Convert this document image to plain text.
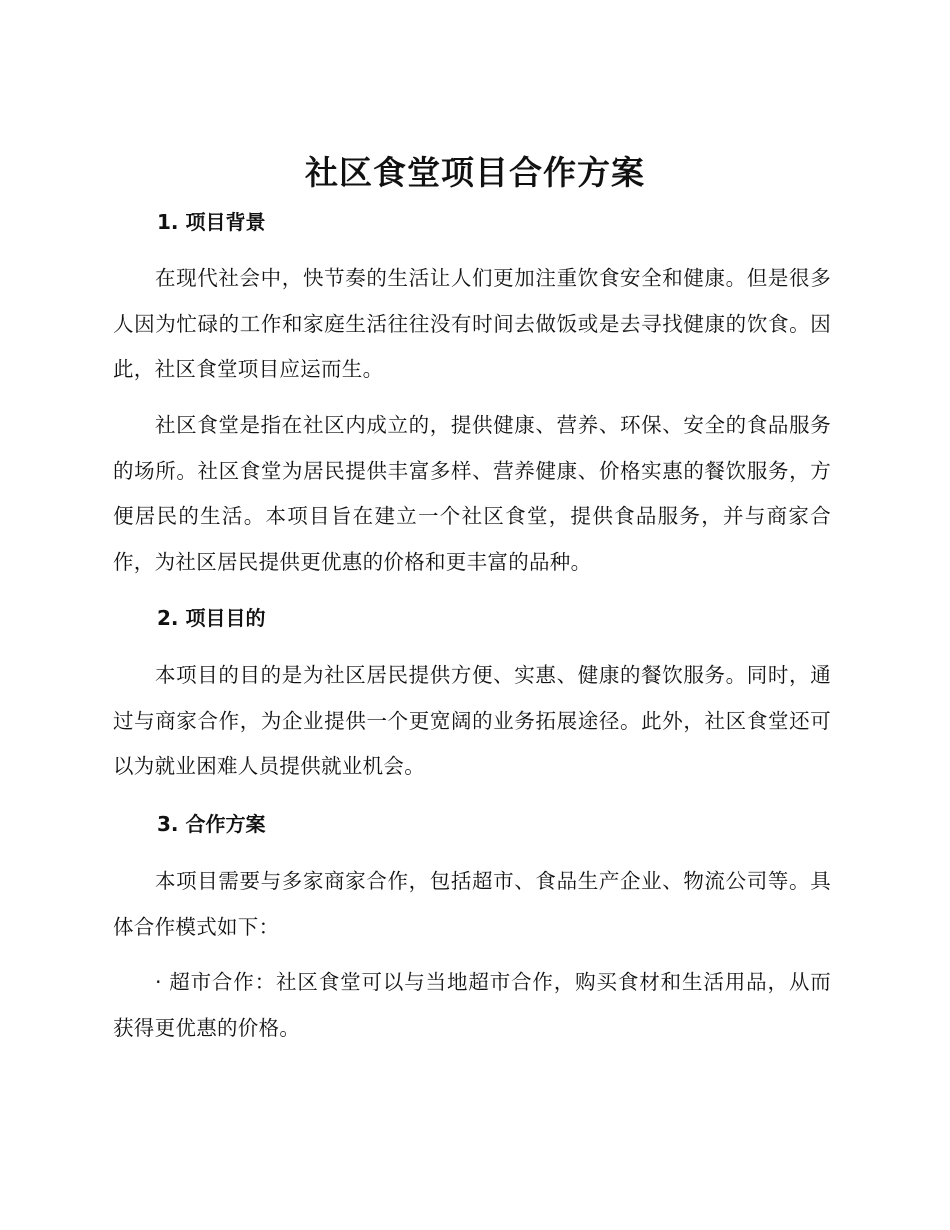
社区食堂项目合作方案
1. 项目背景
在现代社会中，快节奏的生活让人们更加注重饮食安全和健康。但是很多人因为忙碌的工作和家庭生活往往没有时间去做饭或是去寻找健康的饮食。因此，社区食堂项目应运而生。
社区食堂是指在社区内成立的，提供健康、营养、环保、安全的食品服务的场所。社区食堂为居民提供丰富多样、营养健康、价格实惠的餐饮服务，方便居民的生活。本项目旨在建立一个社区食堂，提供食品服务，并与商家合作，为社区居民提供更优惠的价格和更丰富的品种。
2. 项目目的
本项目的目的是为社区居民提供方便、实惠、健康的餐饮服务。同时，通过与商家合作，为企业提供一个更宽阔的业务拓展途径。此外，社区食堂还可以为就业困难人员提供就业机会。
3. 合作方案
本项目需要与多家商家合作，包括超市、食品生产企业、物流公司等。具体合作模式如下：
· 超市合作：社区食堂可以与当地超市合作，购买食材和生活用品，从而获得更优惠的价格。
